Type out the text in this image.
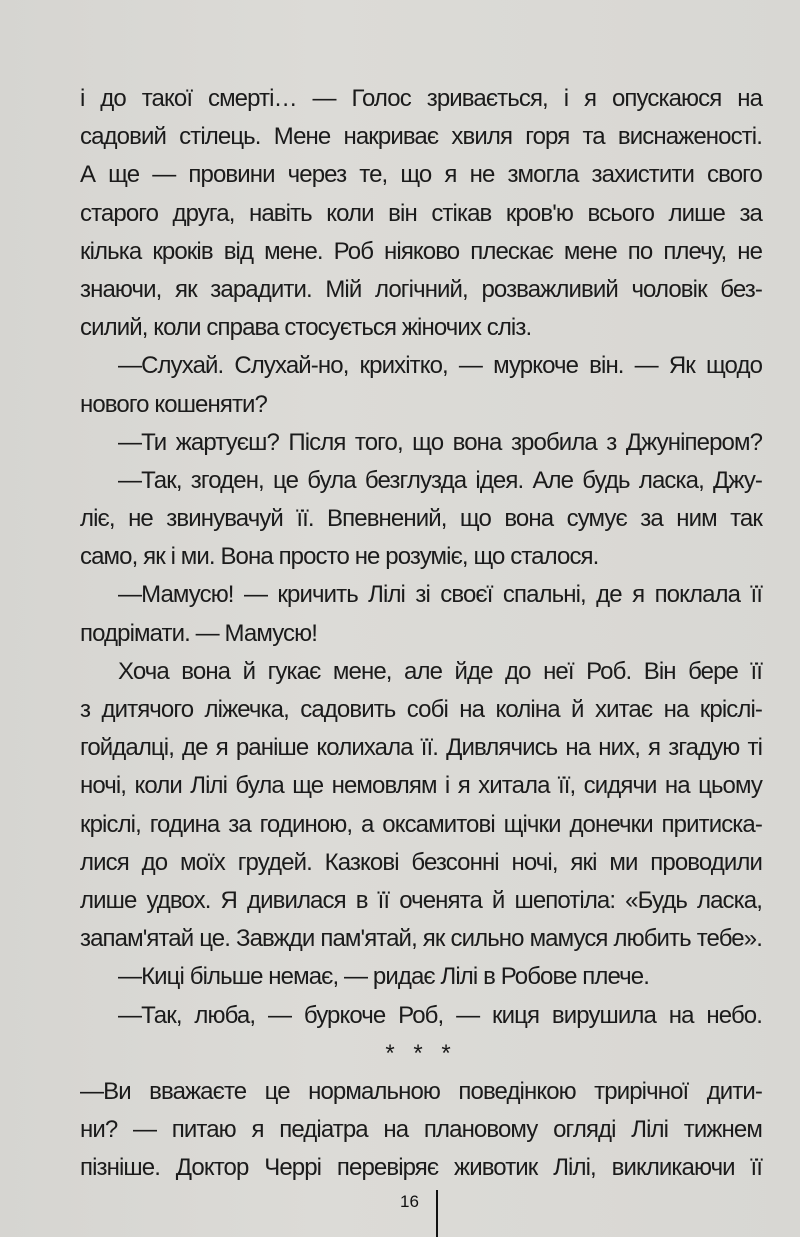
і до такої смерті… — Голос зривається, і я опускаюся на
садовий стілець. Мене накриває хвиля горя та виснаженості.
А ще — провини через те, що я не змогла захистити свого
старого друга, навіть коли він стікав кров'ю всього лише за
кілька кроків від мене. Роб ніяково плескає мене по плечу, не
знаючи, як зарадити. Мій логічний, розважливий чоловік без-
силий, коли справа стосується жіночих сліз.
—Слухай. Слухай-но, крихітко, — муркоче він. — Як щодо
нового кошеняти?
—Ти жартуєш? Після того, що вона зробила з Джуніпером?
—Так, згоден, це була безглузда ідея. Але будь ласка, Джу-
ліє, не звинувачуй її. Впевнений, що вона сумує за ним так
само, як і ми. Вона просто не розуміє, що сталося.
—Мамусю! — кричить Лілі зі своєї спальні, де я поклала її
подрімати. — Мамусю!
Хоча вона й гукає мене, але йде до неї Роб. Він бере її
з дитячого ліжечка, садовить собі на коліна й хитає на кріслі-
гойдалці, де я раніше колихала її. Дивлячись на них, я згадую ті
ночі, коли Лілі була ще немовлям і я хитала її, сидячи на цьому
кріслі, година за годиною, а оксамитові щічки донечки притиска-
лися до моїх грудей. Казкові безсонні ночі, які ми проводили
лише удвох. Я дивилася в її оченята й шепотіла: «Будь ласка,
запам'ятай це. Завжди пам'ятай, як сильно мамуся любить тебе».
—Киці більше немає, — ридає Лілі в Робове плече.
—Так, люба, — буркоче Роб, — киця вирушила на небо.
* * *
—Ви вважаєте це нормальною поведінкою трирічної дити-
ни? — питаю я педіатра на плановому огляді Лілі тижнем
пізніше. Доктор Черрі перевіряє животик Лілі, викликаючи її
16
